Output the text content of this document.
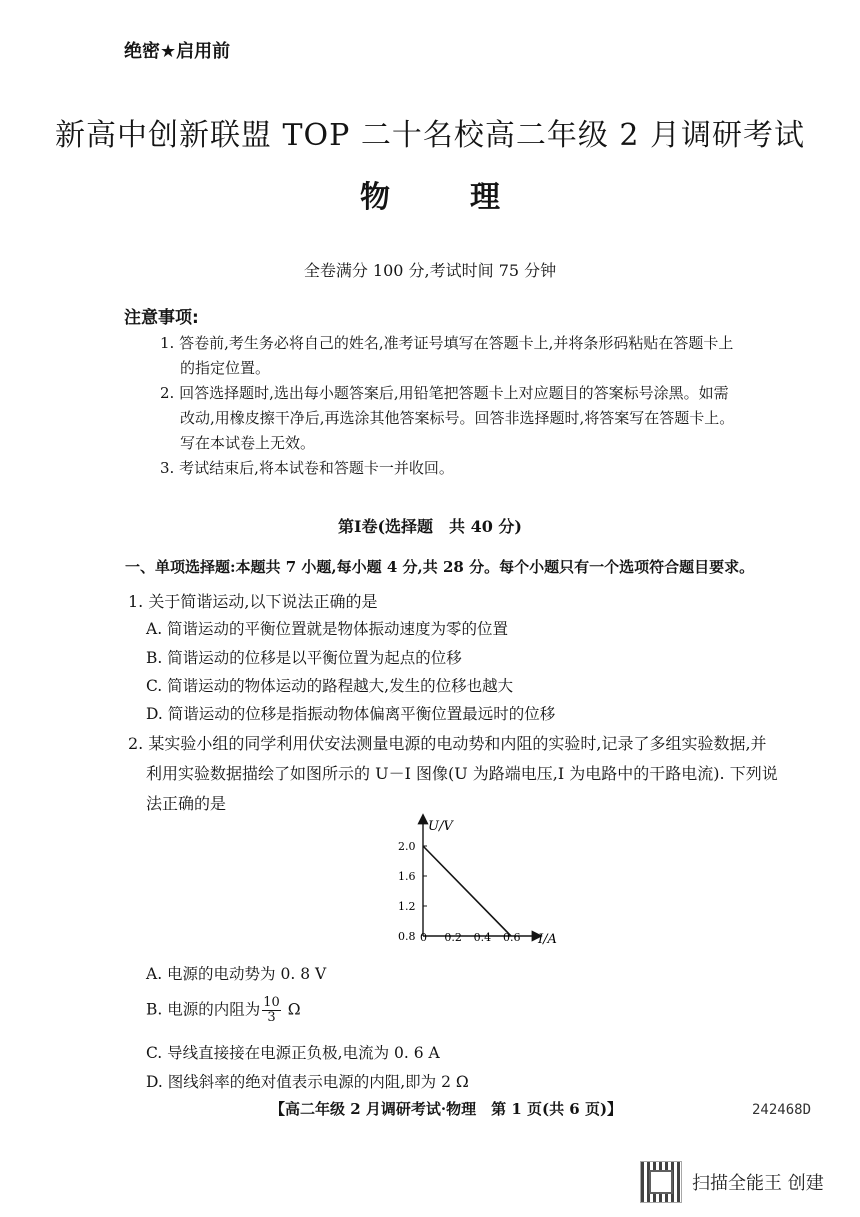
绝密★启用前
新高中创新联盟 TOP 二十名校高二年级 2 月调研考试
物	理
全卷满分 100 分,考试时间 75 分钟
注意事项:
1. 答卷前,考生务必将自己的姓名,准考证号填写在答题卡上,并将条形码粘贴在答题卡上
的指定位置。
2. 回答选择题时,选出每小题答案后,用铅笔把答题卡上对应题目的答案标号涂黑。如需
改动,用橡皮擦干净后,再选涂其他答案标号。回答非选择题时,将答案写在答题卡上。
写在本试卷上无效。
3. 考试结束后,将本试卷和答题卡一并收回。
第Ⅰ卷(选择题　共 40 分)
一、单项选择题:本题共 7 小题,每小题 4 分,共 28 分。每个小题只有一个选项符合题目要求。
1. 关于简谐运动,以下说法正确的是
A. 简谐运动的平衡位置就是物体振动速度为零的位置
B. 简谐运动的位移是以平衡位置为起点的位移
C. 简谐运动的物体运动的路程越大,发生的位移也越大
D. 简谐运动的位移是指振动物体偏离平衡位置最远时的位移
2. 某实验小组的同学利用伏安法测量电源的电动势和内阻的实验时,记录了多组实验数据,并
利用实验数据描绘了如图所示的 U－I 图像(U 为路端电压,I 为电路中的干路电流). 下列说
法正确的是
U/V
I/A
2.0
1.6
1.2
0.8 0 0.2 0.4 0.6
A. 电源的电动势为 0. 8 V
B. 电源的内阻为 $\frac{10}{3}$ Ω
C. 导线直接接在电源正负极,电流为 0. 6 A
D. 图线斜率的绝对值表示电源的内阻,即为 2 Ω
【高二年级 2 月调研考试·物理　第 1 页(共 6 页)】	242468D
扫描全能王 创建
